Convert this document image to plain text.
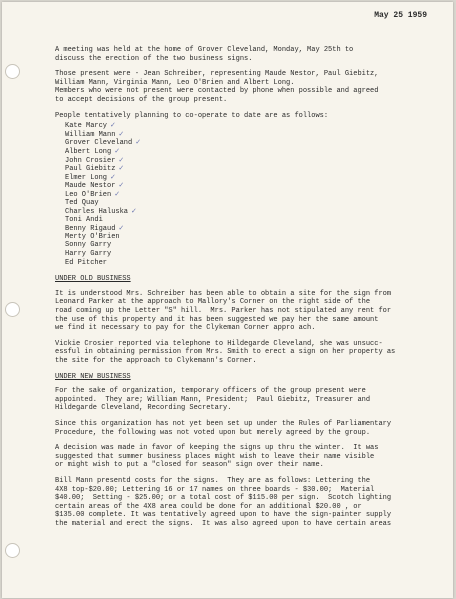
May 25 1959

A meeting was held at the home of Grover Cleveland, Monday, May 25th to
discuss the erection of the two business signs.

Those present were - Jean Schreiber, representing Maude Nestor, Paul Giebitz,
William Mann, Virginia Mann, Leo O'Brien and Albert Long.
Members who were not present were contacted by phone when possible and agreed
to accept decisions of the group present.

People tentatively planning to co-operate to date are as follows:

Kate Marcy ✓
William Mann ✓
Grover Cleveland ✓
Albert Long ✓
John Crosier ✓
Paul Giebitz ✓
Elmer Long ✓
Maude Nestor ✓
Leo O'Brien ✓
Ted Quay
Charles Haluska ✓
Toni Andi
Benny Rigaud ✓
Merty O'Brien
Sonny Garry
Harry Garry
Ed Pitcher
UNDER OLD BUSINESS

It is understood Mrs. Schreiber has been able to obtain a site for the sign from
Leonard Parker at the approach to Mallory's Corner on the right side of the
road coming up the Letter "S" hill.  Mrs. Parker has not stipulated any rent for
the use of this property and it has been suggested we pay her the same amount
we find it necessary to pay for the Clykeman Corner appro ach.

Vickie Crosier reported via telephone to Hildegarde Cleveland, she was unsucc-
essful in obtaining permission from Mrs. Smith to erect a sign on her property as
the site for the approach to Clykemann's Corner.

UNDER NEW BUSINESS

For the sake of organization, temporary officers of the group present were
appointed.  They are; William Mann, President;  Paul Giebitz, Treasurer and
Hildegarde Cleveland, Recording Secretary.

Since this organization has not yet been set up under the Rules of Parliamentary
Procedure, the following was not voted upon but merely agreed by the group.

A decision was made in favor of keeping the signs up thru the winter.  It was
suggested that summer business places might wish to leave their name visible
or might wish to put a "closed for season" sign over their name.

Bill Mann presentd costs for the signs.  They are as follows: Lettering the
4X8 top-$20.00; Lettering 16 or 17 names on three boards - $30.00;  Material
$40.00;  Setting - $25.00; or a total cost of $115.00 per sign.  Scotch lighting
certain areas of the 4X8 area could be done for an additional $20.00 , or
$135.00 complete. It was tentatively agreed upon to have the sign-painter supply
the material and erect the signs.  It was also agreed upon to have certain areas
